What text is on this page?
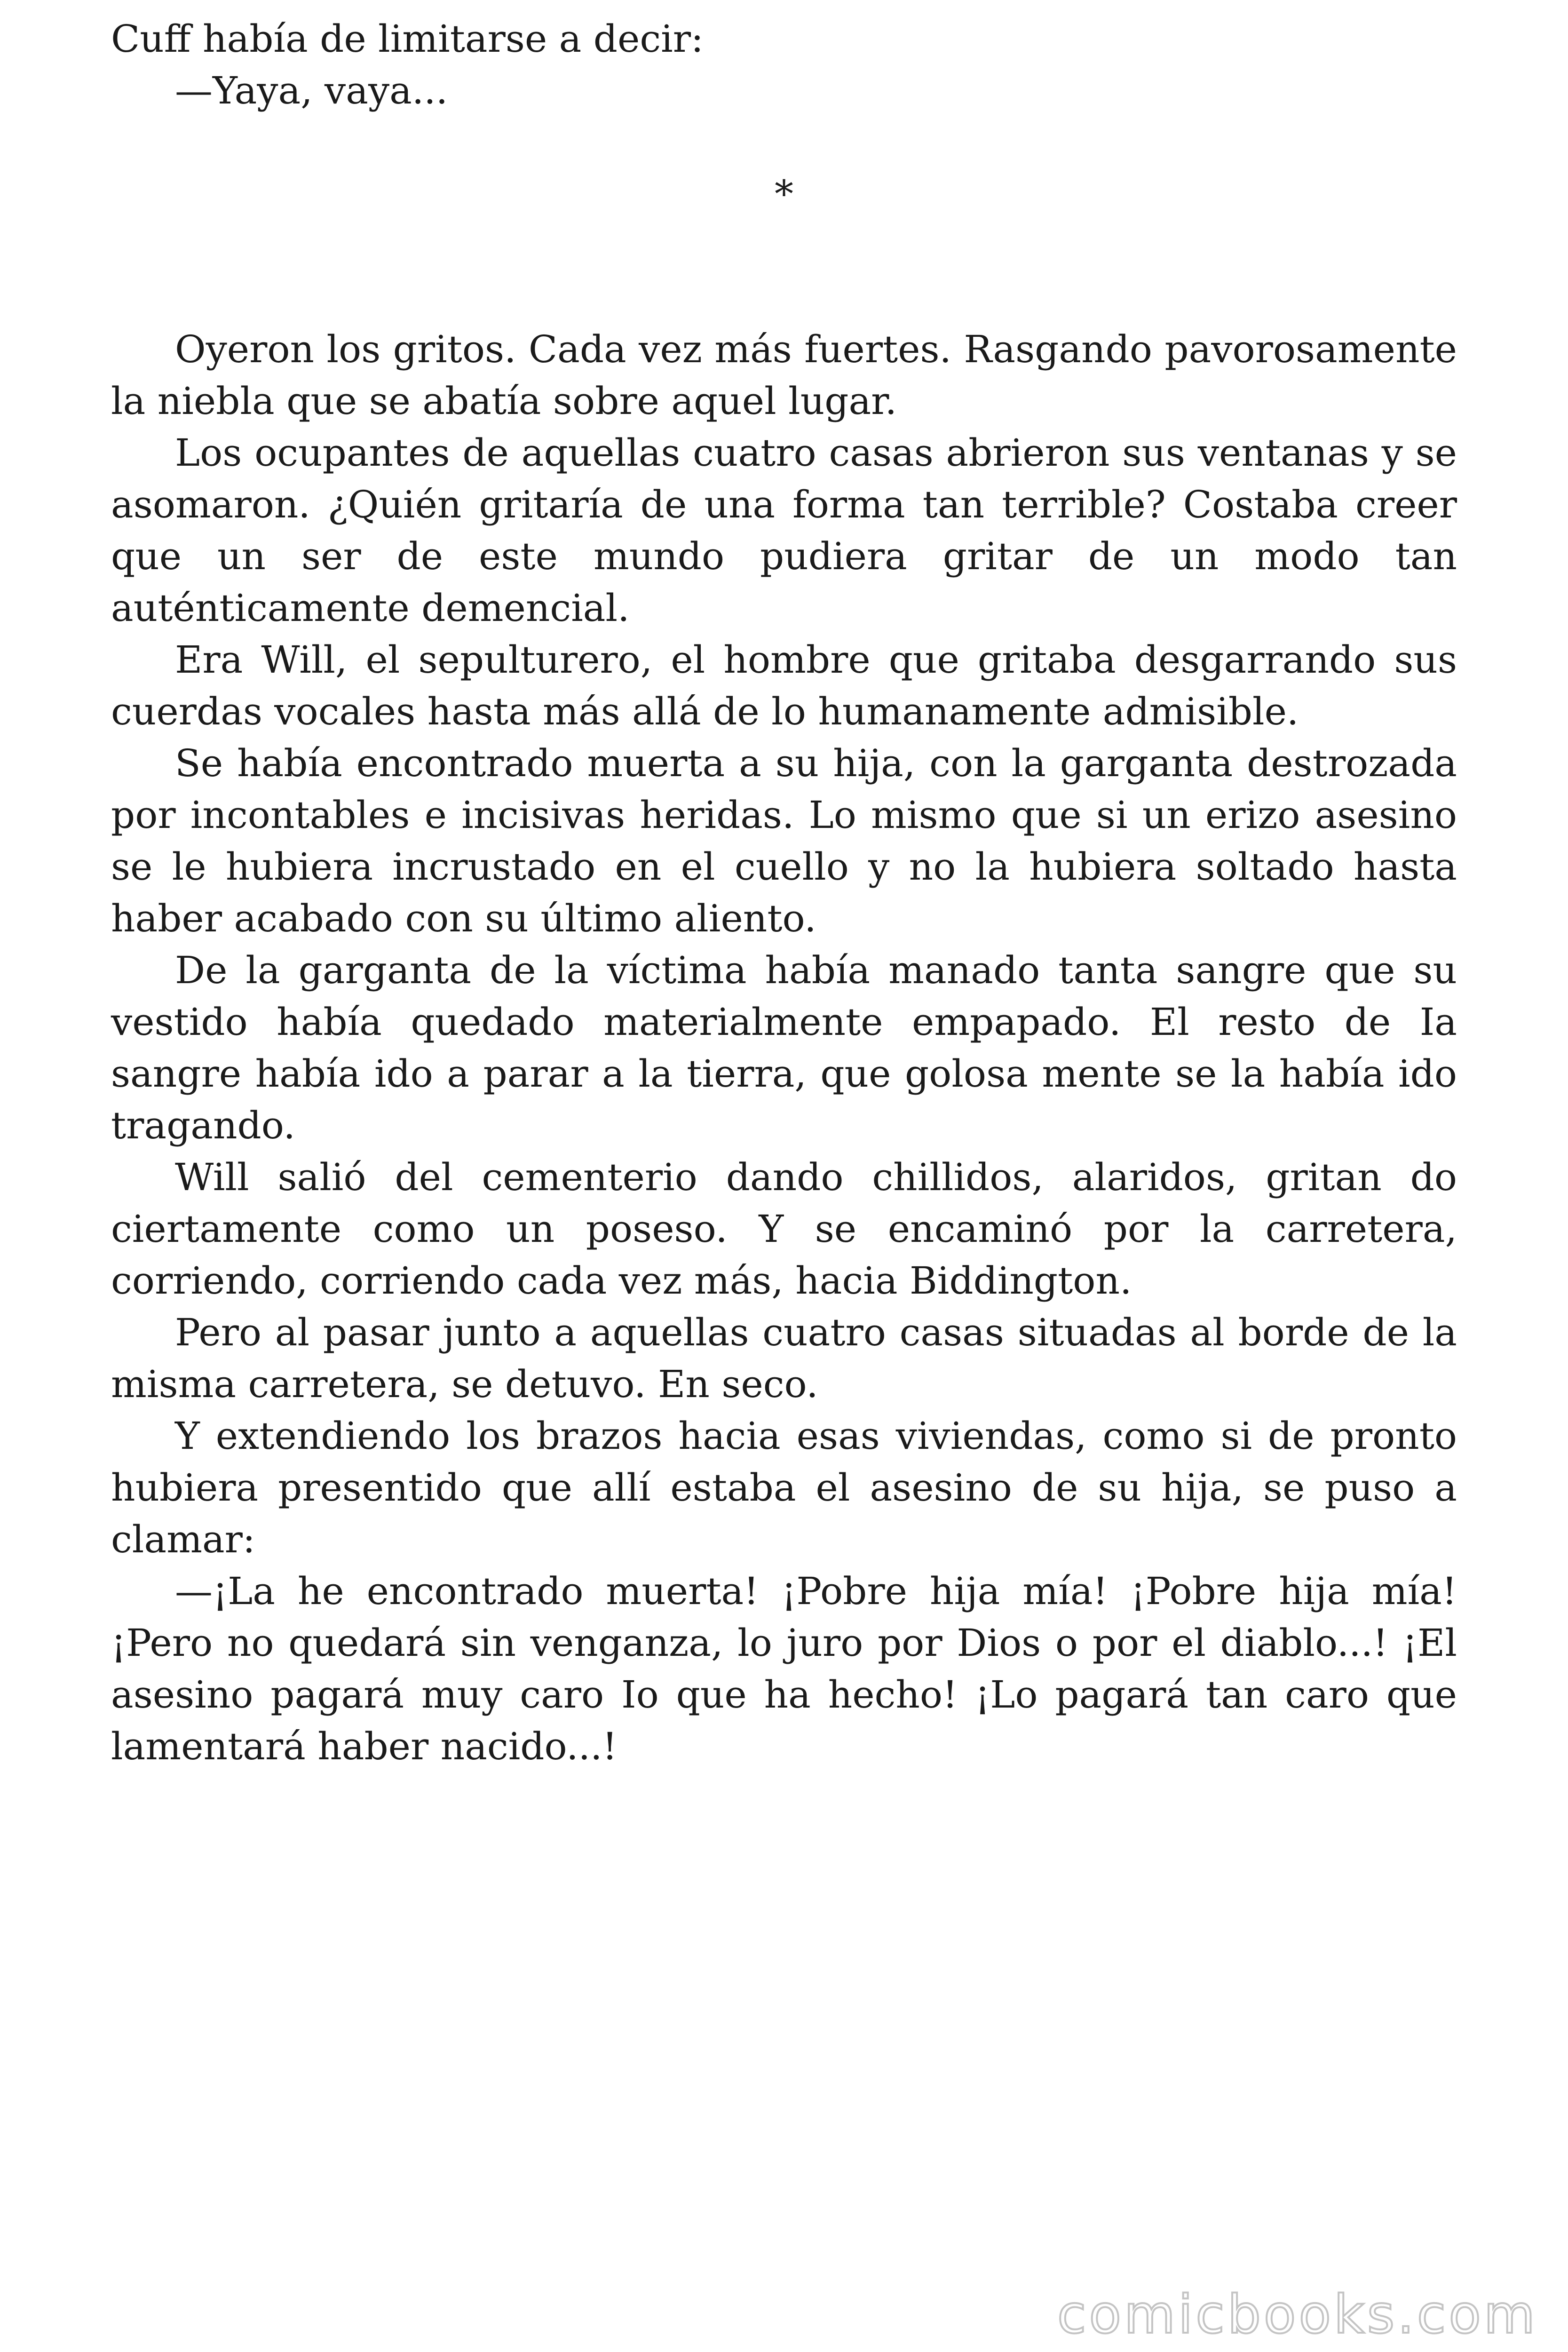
Cuff había de limitarse a decir:

—Yaya, vaya...

*

Oyeron los gritos. Cada vez más fuertes. Rasgando pavorosamente la niebla que se abatía sobre aquel lugar.

Los ocupantes de aquellas cuatro casas abrieron sus ventanas y se asomaron. ¿Quién gritaría de una forma tan terrible? Costaba creer que un ser de este mundo pudiera gritar de un modo tan auténticamente demencial.

Era Will, el sepulturero, el hombre que gritaba desgarrando sus cuerdas vocales hasta más allá de lo humanamente admisible.

Se había encontrado muerta a su hija, con la garganta destrozada por incontables e incisivas heridas. Lo mismo que si un erizo asesino se le hubiera incrustado en el cuello y no la hubiera soltado hasta haber acabado con su último aliento.

De la garganta de la víctima había manado tanta sangre que su vestido había quedado materialmente empapado. El resto de Ia sangre había ido a parar a la tierra, que golosa mente se la había ido tragando.

Will salió del cementerio dando chillidos, alaridos, gritan do ciertamente como un poseso. Y se encaminó por la carretera, corriendo, corriendo cada vez más, hacia Biddington.

Pero al pasar junto a aquellas cuatro casas situadas al borde de la misma carretera, se detuvo. En seco.

Y extendiendo los brazos hacia esas viviendas, como si de pronto hubiera presentido que allí estaba el asesino de su hija, se puso a clamar:

—¡La he encontrado muerta! ¡Pobre hija mía! ¡Pobre hija mía! ¡Pero no quedará sin venganza, lo juro por Dios o por el diablo...! ¡El asesino pagará muy caro Io que ha hecho! ¡Lo pagará tan caro que lamentará haber nacido...!

comicbooks.com
